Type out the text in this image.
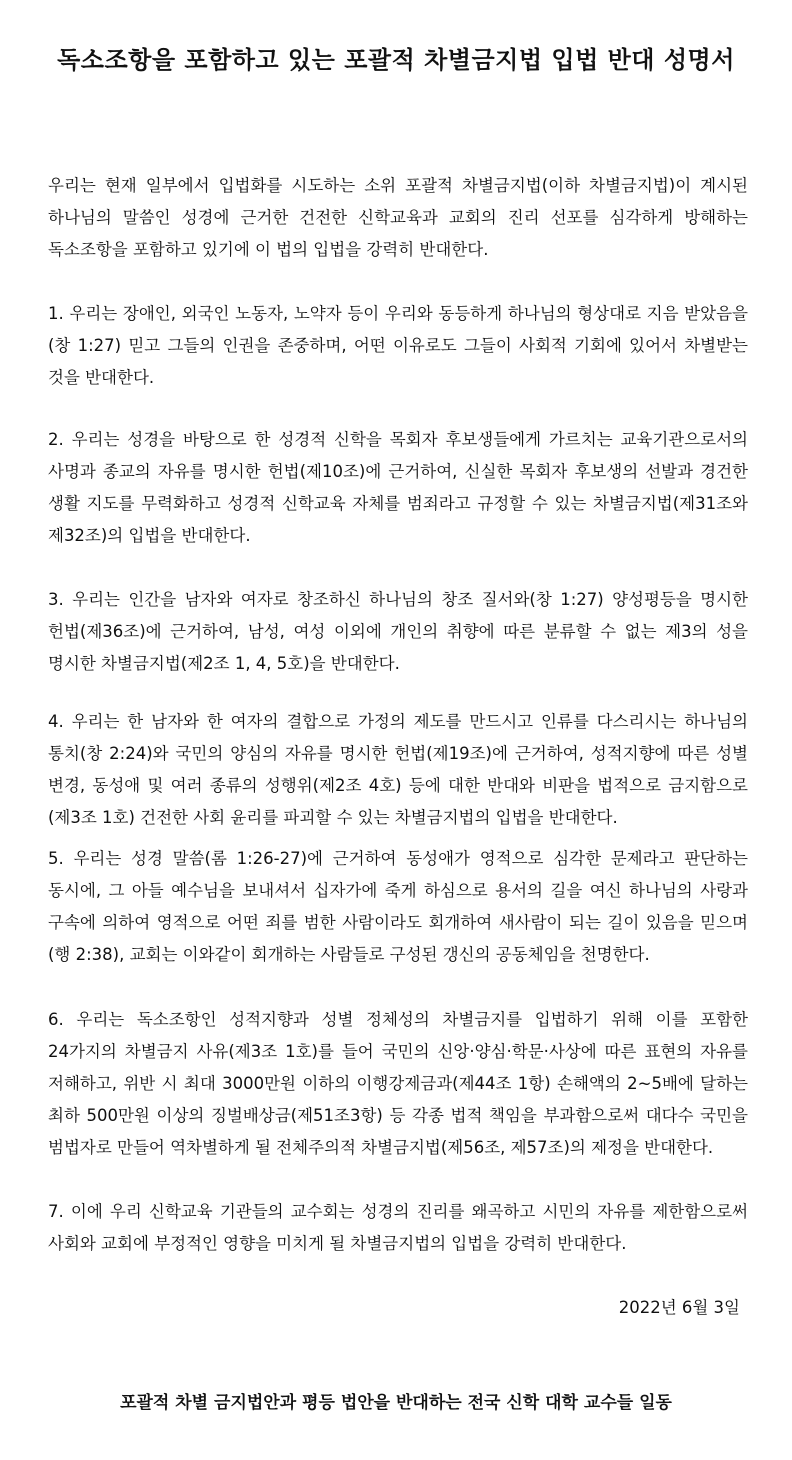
독소조항을 포함하고 있는 포괄적 차별금지법 입법 반대 성명서

우리는 현재 일부에서 입법화를 시도하는 소위 포괄적 차별금지법(이하 차별금지법)이 계시된 하나님의 말씀인 성경에 근거한 건전한 신학교육과 교회의 진리 선포를 심각하게 방해하는 독소조항을 포함하고 있기에 이 법의 입법을 강력히 반대한다.

1. 우리는 장애인, 외국인 노동자, 노약자 등이 우리와 동등하게 하나님의 형상대로 지음 받았음을(창 1:27) 믿고 그들의 인권을 존중하며, 어떤 이유로도 그들이 사회적 기회에 있어서 차별받는 것을 반대한다.

2. 우리는 성경을 바탕으로 한 성경적 신학을 목회자 후보생들에게 가르치는 교육기관으로서의 사명과 종교의 자유를 명시한 헌법(제10조)에 근거하여, 신실한 목회자 후보생의 선발과 경건한 생활 지도를 무력화하고 성경적 신학교육 자체를 범죄라고 규정할 수 있는 차별금지법(제31조와 제32조)의 입법을 반대한다.

3. 우리는 인간을 남자와 여자로 창조하신 하나님의 창조 질서와(창 1:27) 양성평등을 명시한 헌법(제36조)에 근거하여, 남성, 여성 이외에 개인의 취향에 따른 분류할 수 없는 제3의 성을 명시한 차별금지법(제2조 1, 4, 5호)을 반대한다.

4. 우리는 한 남자와 한 여자의 결합으로 가정의 제도를 만드시고 인류를 다스리시는 하나님의 통치(창 2:24)와 국민의 양심의 자유를 명시한 헌법(제19조)에 근거하여, 성적지향에 따른 성별 변경, 동성애 및 여러 종류의 성행위(제2조 4호) 등에 대한 반대와 비판을 법적으로 금지함으로(제3조 1호) 건전한 사회 윤리를 파괴할 수 있는 차별금지법의 입법을 반대한다.

5. 우리는 성경 말씀(롬 1:26-27)에 근거하여 동성애가 영적으로 심각한 문제라고 판단하는 동시에, 그 아들 예수님을 보내셔서 십자가에 죽게 하심으로 용서의 길을 여신 하나님의 사랑과 구속에 의하여 영적으로 어떤 죄를 범한 사람이라도 회개하여 새사람이 되는 길이 있음을 믿으며(행 2:38), 교회는 이와같이 회개하는 사람들로 구성된 갱신의 공동체임을 천명한다.

6. 우리는 독소조항인 성적지향과 성별 정체성의 차별금지를 입법하기 위해 이를 포함한 24가지의 차별금지 사유(제3조 1호)를 들어 국민의 신앙·양심·학문·사상에 따른 표현의 자유를 저해하고, 위반 시 최대 3000만원 이하의 이행강제금과(제44조 1항) 손해액의 2~5배에 달하는 최하 500만원 이상의 징벌배상금(제51조3항) 등 각종 법적 책임을 부과함으로써 대다수 국민을 범법자로 만들어 역차별하게 될 전체주의적 차별금지법(제56조, 제57조)의 제정을 반대한다.

7. 이에 우리 신학교육 기관들의 교수회는 성경의 진리를 왜곡하고 시민의 자유를 제한함으로써 사회와 교회에 부정적인 영향을 미치게 될 차별금지법의 입법을 강력히 반대한다.

2022년 6월 3일
포괄적 차별 금지법안과 평등 법안을 반대하는 전국 신학 대학 교수들 일동
